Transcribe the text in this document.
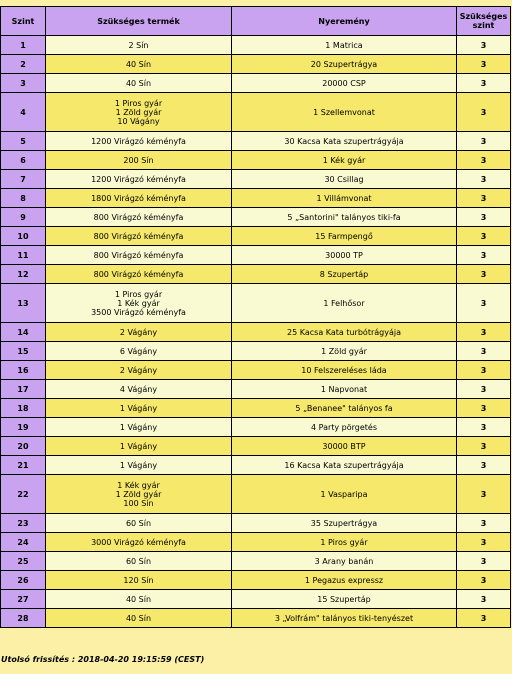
Szint	Szükséges termék	Nyeremény	Szükséges szint
1	2 Sín	1 Matrica	3
2	40 Sín	20 Szupertrágya	3
3	40 Sín	20000 CSP	3
4	1 Piros gyár
1 Zöld gyár
10 Vágány	1 Szellemvonat	3
5	1200 Virágzó kéményfa	30 Kacsa Kata szupertrágyája	3
6	200 Sín	1 Kék gyár	3
7	1200 Virágzó kéményfa	30 Csillag	3
8	1800 Virágzó kéményfa	1 Villámvonat	3
9	800 Virágzó kéményfa	5 „Santorini" talányos tiki-fa	3
10	800 Virágzó kéményfa	15 Farmpengő	3
11	800 Virágzó kéményfa	30000 TP	3
12	800 Virágzó kéményfa	8 Szupertáp	3
13	1 Piros gyár
1 Kék gyár
3500 Virágzó kéményfa	1 Felhősor	3
14	2 Vágány	25 Kacsa Kata turbótrágyája	3
15	6 Vágány	1 Zöld gyár	3
16	2 Vágány	10 Felszereléses láda	3
17	4 Vágány	1 Napvonat	3
18	1 Vágány	5 „Benanee" talányos fa	3
19	1 Vágány	4 Party pörgetés	3
20	1 Vágány	30000 BTP	3
21	1 Vágány	16 Kacsa Kata szupertrágyája	3
22	1 Kék gyár
1 Zöld gyár
100 Sín	1 Vasparipa	3
23	60 Sín	35 Szupertrágya	3
24	3000 Virágzó kéményfa	1 Piros gyár	3
25	60 Sín	3 Arany banán	3
26	120 Sín	1 Pegazus expressz	3
27	40 Sín	15 Szupertáp	3
28	40 Sín	3 „Volfrám" talányos tiki-tenyészet	3
Utolsó frissítés : 2018-04-20 19:15:59 (CEST)
